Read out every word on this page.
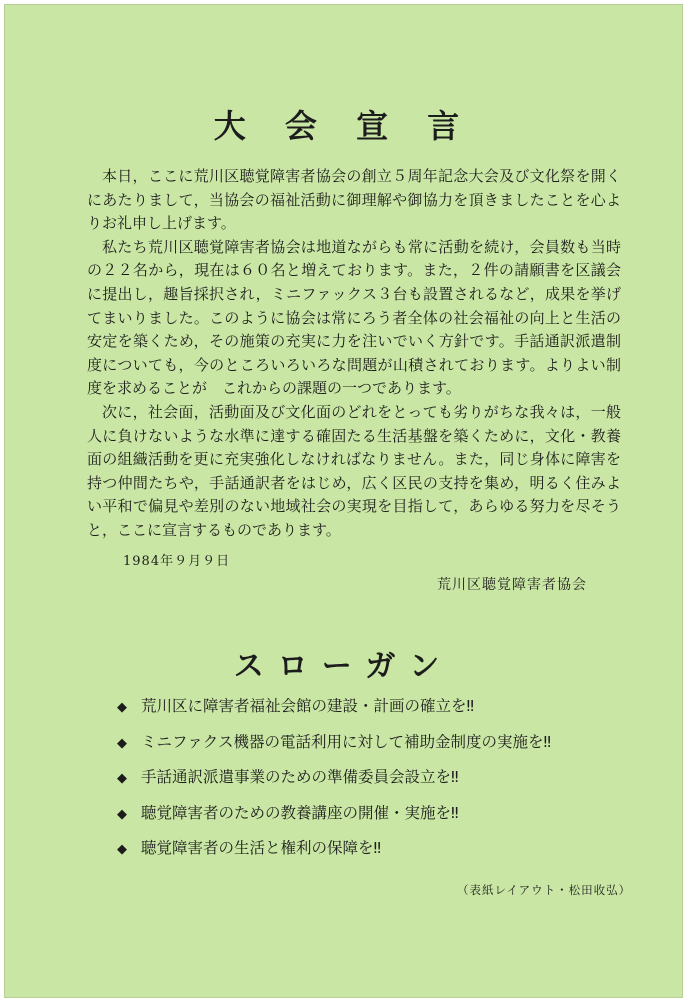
大 会 宣 言

本日，ここに荒川区聴覚障害者協会の創立５周年記念大会及び文化祭を開くにあたりまして，当協会の福祉活動に御理解や御協力を頂きましたことを心よりお礼申し上げます。

私たち荒川区聴覚障害者協会は地道ながらも常に活動を続け，会員数も当時の２２名から，現在は６０名と増えております。また，２件の請願書を区議会に提出し，趣旨採択され，ミニファックス３台も設置されるなど，成果を挙げてまいりました。このように協会は常にろう者全体の社会福祉の向上と生活の安定を築くため，その施策の充実に力を注いでいく方針です。手話通訳派遣制度についても，今のところいろいろな問題が山積されております。よりよい制度を求めることが　これからの課題の一つであります。

次に，社会面，活動面及び文化面のどれをとっても劣りがちな我々は，一般人に負けないような水準に達する確固たる生活基盤を築くために，文化・教養面の組織活動を更に充実強化しなければなりません。また，同じ身体に障害を持つ仲間たちや，手話通訳者をはじめ，広く区民の支持を集め，明るく住みよい平和で偏見や差別のない地域社会の実現を目指して，あらゆる努力を尽そうと，ここに宣言するものであります。

1984年９月９日
荒川区聴覚障害者協会
スローガン
◆ 荒川区に障害者福祉会館の建設・計画の確立を‼
◆ ミニファクス機器の電話利用に対して補助金制度の実施を‼
◆ 手話通訳派遣事業のための準備委員会設立を‼
◆ 聴覚障害者のための教養講座の開催・実施を‼
◆ 聴覚障害者の生活と権利の保障を‼
（表紙レイアウト・松田收弘）
